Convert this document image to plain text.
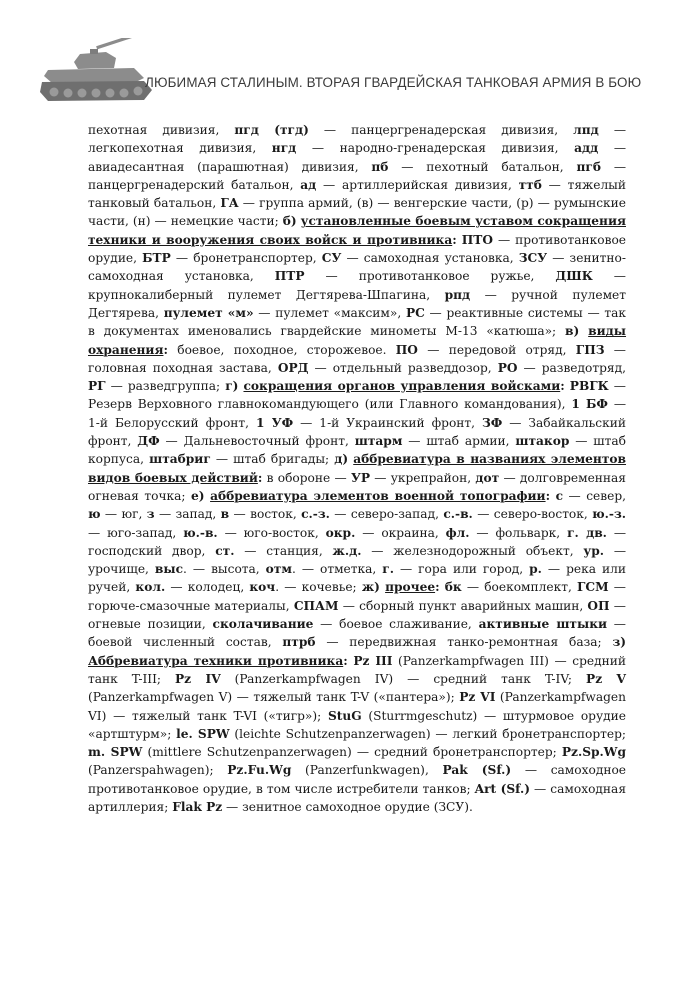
ЛЮБИМАЯ СТАЛИНЫМ. ВТОРАЯ ГВАРДЕЙСКАЯ ТАНКОВАЯ АРМИЯ В БОЮ
пехотная дивизия, пгд (тгд) — панцергренадерская дивизия, лпд — легкопехотная дивизия, нгд — народно-гренадерская дивизия, адд — авиадесантная (парашютная) дивизия, пб — пехотный батальон, пгб — панцергренадерский батальон, ад — артиллерийская дивизия, ттб — тяжелый танковый батальон, ГА — группа армий, (в) — венгерские части, (р) — румынские части, (н) — немецкие части; б) установленные боевым уставом сокращения техники и вооружения своих войск и противника: ПТО — противотанковое орудие, БТР — бронетранспортер, СУ — самоходная установка, ЗСУ — зенитно-самоходная установка, ПТР — противотанковое ружье, ДШК — крупнокалиберный пулемет Дегтярева-Шпагина, рпд — ручной пулемет Дегтярева, пулемет «м» — пулемет «максим», РС — реактивные системы — так в документах именовались гвардейские минометы М-13 «катюша»; в) виды охранения: боевое, походное, сторожевое. ПО — передовой отряд, ГПЗ — головная походная застава, ОРД — отдельный разведдозор, РО — разведотряд, РГ — разведгруппа; г) сокращения органов управления войсками: РВГК — Резерв Верховного главнокомандующего (или Главного командования), 1 БФ — 1-й Белорусский фронт, 1 УФ — 1-й Украинский фронт, ЗФ — Забайкальский фронт, ДФ — Дальневосточный фронт, штарм — штаб армии, штакор — штаб корпуса, штабриг — штаб бригады; д) аббревиатура в названиях элементов видов боевых действий: в обороне — УР — укрепрайон, дот — долговременная огневая точка; е) аббревиатура элементов военной топографии: с — север, ю — юг, з — запад, в — восток, с.-з. — северо-запад, с.-в. — северо-восток, ю.-з. — юго-запад, ю.-в. — юго-восток, окр. — окраина, фл. — фольварк, г. дв. — господский двор, ст. — станция, ж.д. — железнодорожный объект, ур. — урочище, выс. — высота, отм. — отметка, г. — гора или город, р. — река или ручей, кол. — колодец, коч. — кочевье; ж) прочее: бк — боекомплект, ГСМ — горюче-смазочные материалы, СПАМ — сборный пункт аварийных машин, ОП — огневые позиции, сколачивание — боевое слаживание, активные штыки — боевой численный состав, птрб — передвижная танко-ремонтная база; з) Аббревиатура техники противника: Pz III (Panzerkampfwagen III) — средний танк T-III; Pz IV (Panzerkampfwagen IV) — средний танк T-IV; Pz V (Panzerkampfwagen V) — тяжелый танк T-V («пантера»); Pz VI (Panzerkampfwagen VI) — тяжелый танк T-VI («тигр»); StuG (Sturrmgeschutz) — штурмовое орудие «артштурм»; le. SPW (leichte Schutzenpanzerwagen) — легкий бронетранспортер; m. SPW (mittlere Schutzenpanzerwagen) — средний бронетранспортер; Pz.Sp.Wg (Panzerspahwagen); Pz.Fu.Wg (Panzerfunkwagen), Pak (Sf.) — самоходное противотанковое орудие, в том числе истребители танков; Art (Sf.) — самоходная артиллерия; Flak Pz — зенитное самоходное орудие (ЗСУ).
